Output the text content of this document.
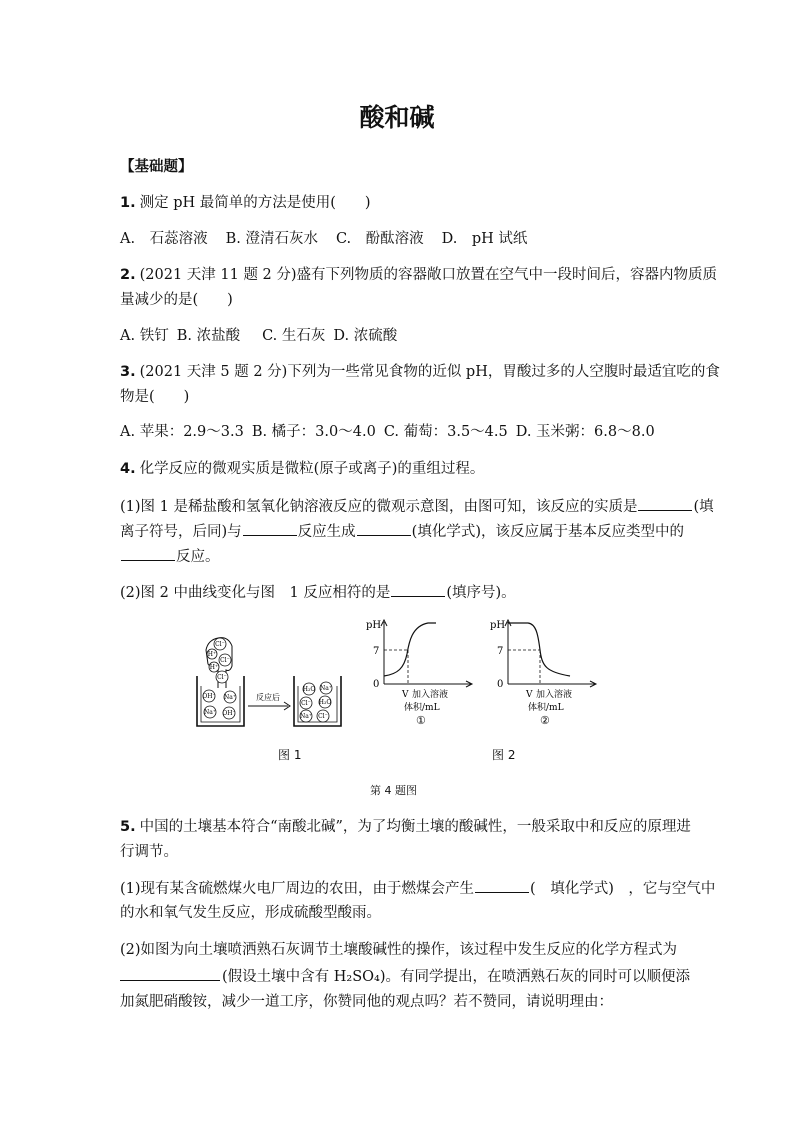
酸和碱
【基础题】
1. 测定 pH 最简单的方法是使用(　　)
A.　石蕊溶液 B. 澄清石灰水 C.　酚酞溶液 D.　pH 试纸
2. (2021 天津 11 题 2 分)盛有下列物质的容器敞口放置在空气中一段时间后，容器内物质质
量减少的是(　　)
A. 铁钉 B. 浓盐酸 C. 生石灰 D. 浓硫酸
3. (2021 天津 5 题 2 分)下列为一些常见食物的近似 pH，胃酸过多的人空腹时最适宜吃的食
物是(　　)
A. 苹果：2.9～3.3 B. 橘子：3.0～4.0 C. 葡萄：3.5～4.5 D. 玉米粥：6.8～8.0
4. 化学反应的微观实质是微粒(原子或离子)的重组过程。
(1)图 1 是稀盐酸和氢氧化钠溶液反应的微观示意图，由图可知，该反应的实质是	(填
离子符号，后同)与	反应生成	(填化学式)，该反应属于基本反应类型中的
反应。
(2)图 2 中曲线变化与图　1 反应相符的是	(填序号)。
Cl⁻
H⁺
Cl⁻
H⁺
Cl⁻
OH⁻ Na⁺
Na⁺ OH⁻
反应后
H₂O Na⁺
Cl⁻ H₂O
Na⁺ Cl⁻
pH
7
0
V 加入溶液
体积/mL
①
pH
7
0
V 加入溶液
体积/mL
②
图 1	图 2
第 4 题图
5. 中国的土壤基本符合“南酸北碱”，为了均衡土壤的酸碱性，一般采取中和反应的原理进
行调节。
(1)现有某含硫燃煤火电厂周边的农田，由于燃煤会产生	(　填化学式)　，它与空气中
的水和氧气发生反应，形成硫酸型酸雨。
(2)如图为向土壤喷洒熟石灰调节土壤酸碱性的操作，该过程中发生反应的化学方程式为
(假设土壤中含有 H₂SO₄)。有同学提出，在喷洒熟石灰的同时可以顺便添
加氮肥硝酸铵，减少一道工序，你赞同他的观点吗？若不赞同，请说明理由：
